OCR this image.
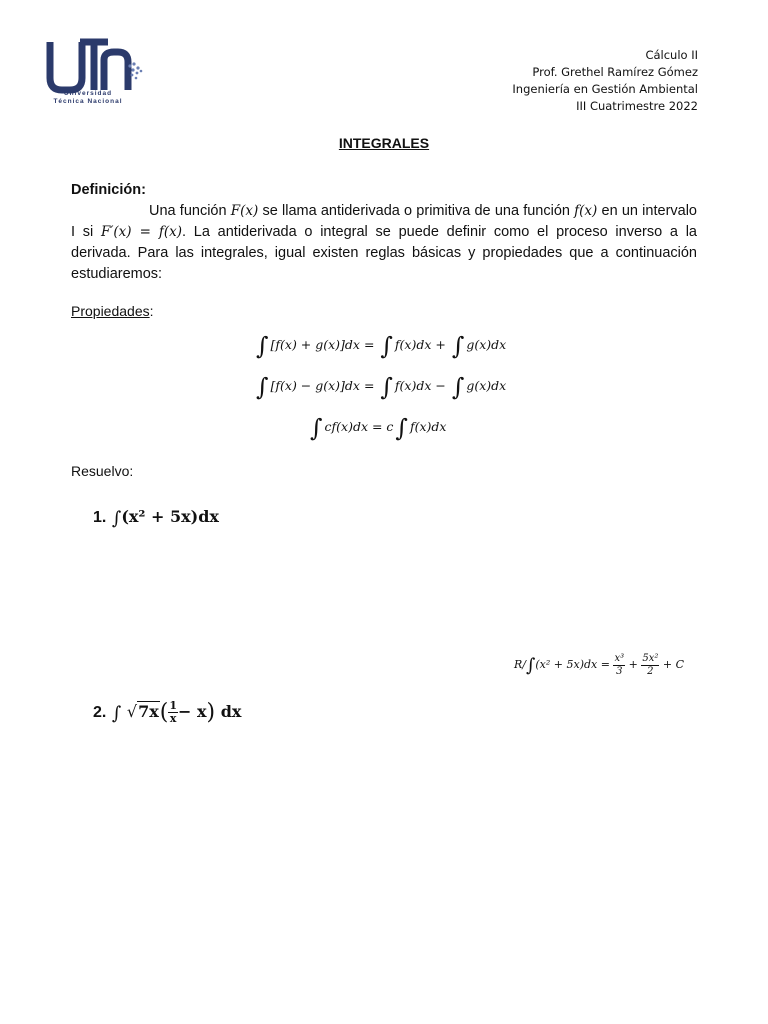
Universidad
Técnica Nacional
Cálculo II
Prof. Grethel Ramírez Gómez
Ingeniería en Gestión Ambiental
III Cuatrimestre 2022
INTEGRALES
Definición:
Una función F(x) se llama antiderivada o primitiva de una función f(x) en un intervalo I si F′(x) = f(x). La antiderivada o integral se puede definir como el proceso inverso a la derivada. Para las integrales, igual existen reglas básicas y propiedades que a continuación estudiaremos:
Propiedades:
∫ [f(x) + g(x)]dx = ∫ f(x)dx + ∫ g(x)dx
∫ [f(x) − g(x)]dx = ∫ f(x)dx − ∫ g(x)dx
∫ cf(x)dx = c∫ f(x)dx
Resuelvo:
1. ∫(x² + 5x)dx
$R/\int(x^2 + 5x)dx = \frac{\text{x³}}{3} + \frac{\text{5x²}}{2} + C$
2. ∫ $√7x( \frac{1}{x} - x)$ dx
